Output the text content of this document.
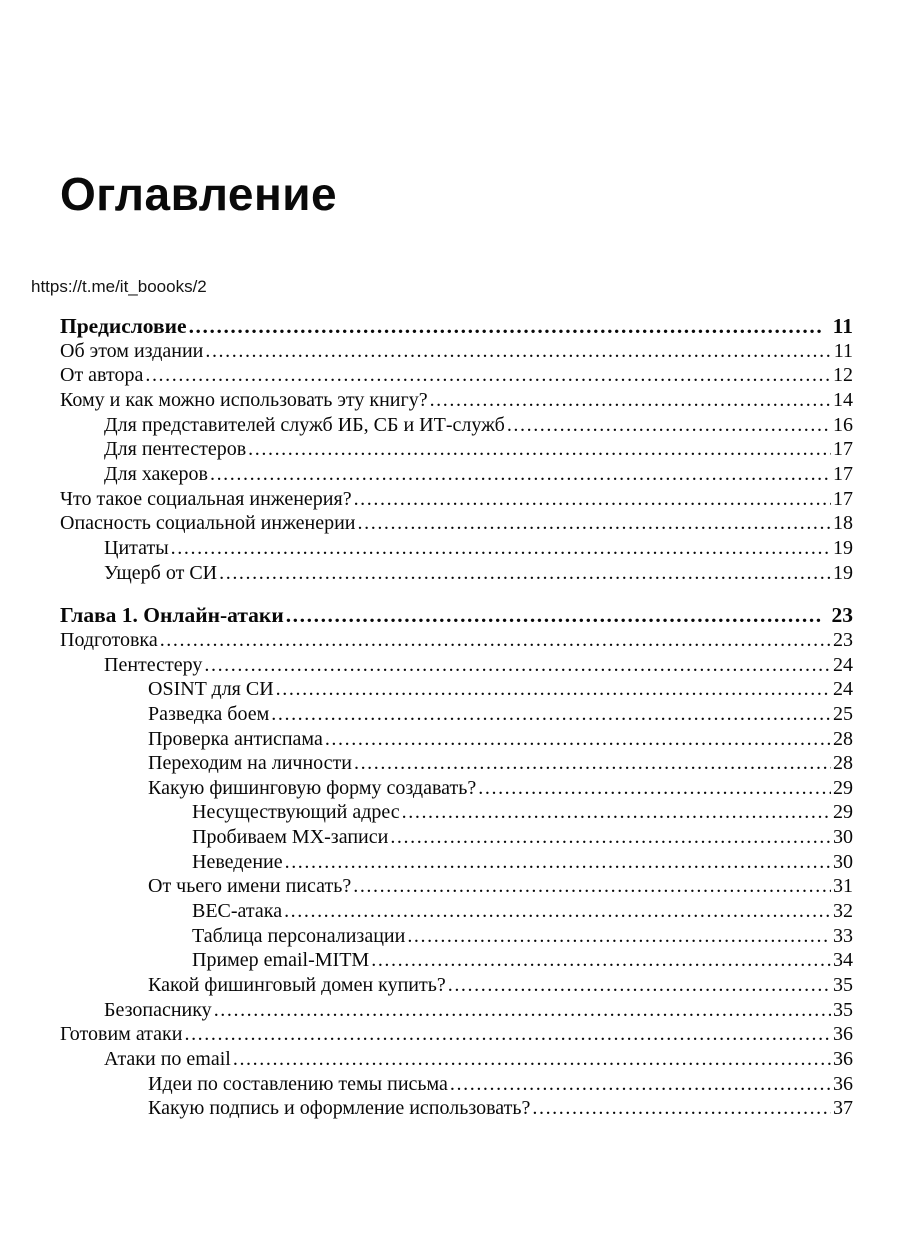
Оглавление
https://t.me/it_boooks/2
Предисловие .....	11
Об этом издании .....	11
От автора .....	12
Кому и как можно использовать эту книгу? .....	14
Для представителей служб ИБ, СБ и ИТ-служб .....	16
Для пентестеров .....	17
Для хакеров .....	17
Что такое социальная инженерия? .....	17
Опасность социальной инженерии .....	18
Цитаты .....	19
Ущерб от СИ .....	19
Глава 1. Онлайн-атаки .....	23
Подготовка .....	23
Пентестеру .....	24
OSINT для СИ .....	24
Разведка боем .....	25
Проверка антиспама .....	28
Переходим на личности .....	28
Какую фишинговую форму создавать? .....	29
Несуществующий адрес .....	29
Пробиваем MX-записи .....	30
Неведение .....	30
От чьего имени писать? .....	31
BEC-атака .....	32
Таблица персонализации .....	33
Пример email-MITM .....	34
Какой фишинговый домен купить? .....	35
Безопаснику .....	35
Готовим атаки .....	36
Атаки по email .....	36
Идеи по составлению темы письма .....	36
Какую подпись и оформление использовать? .....	37
